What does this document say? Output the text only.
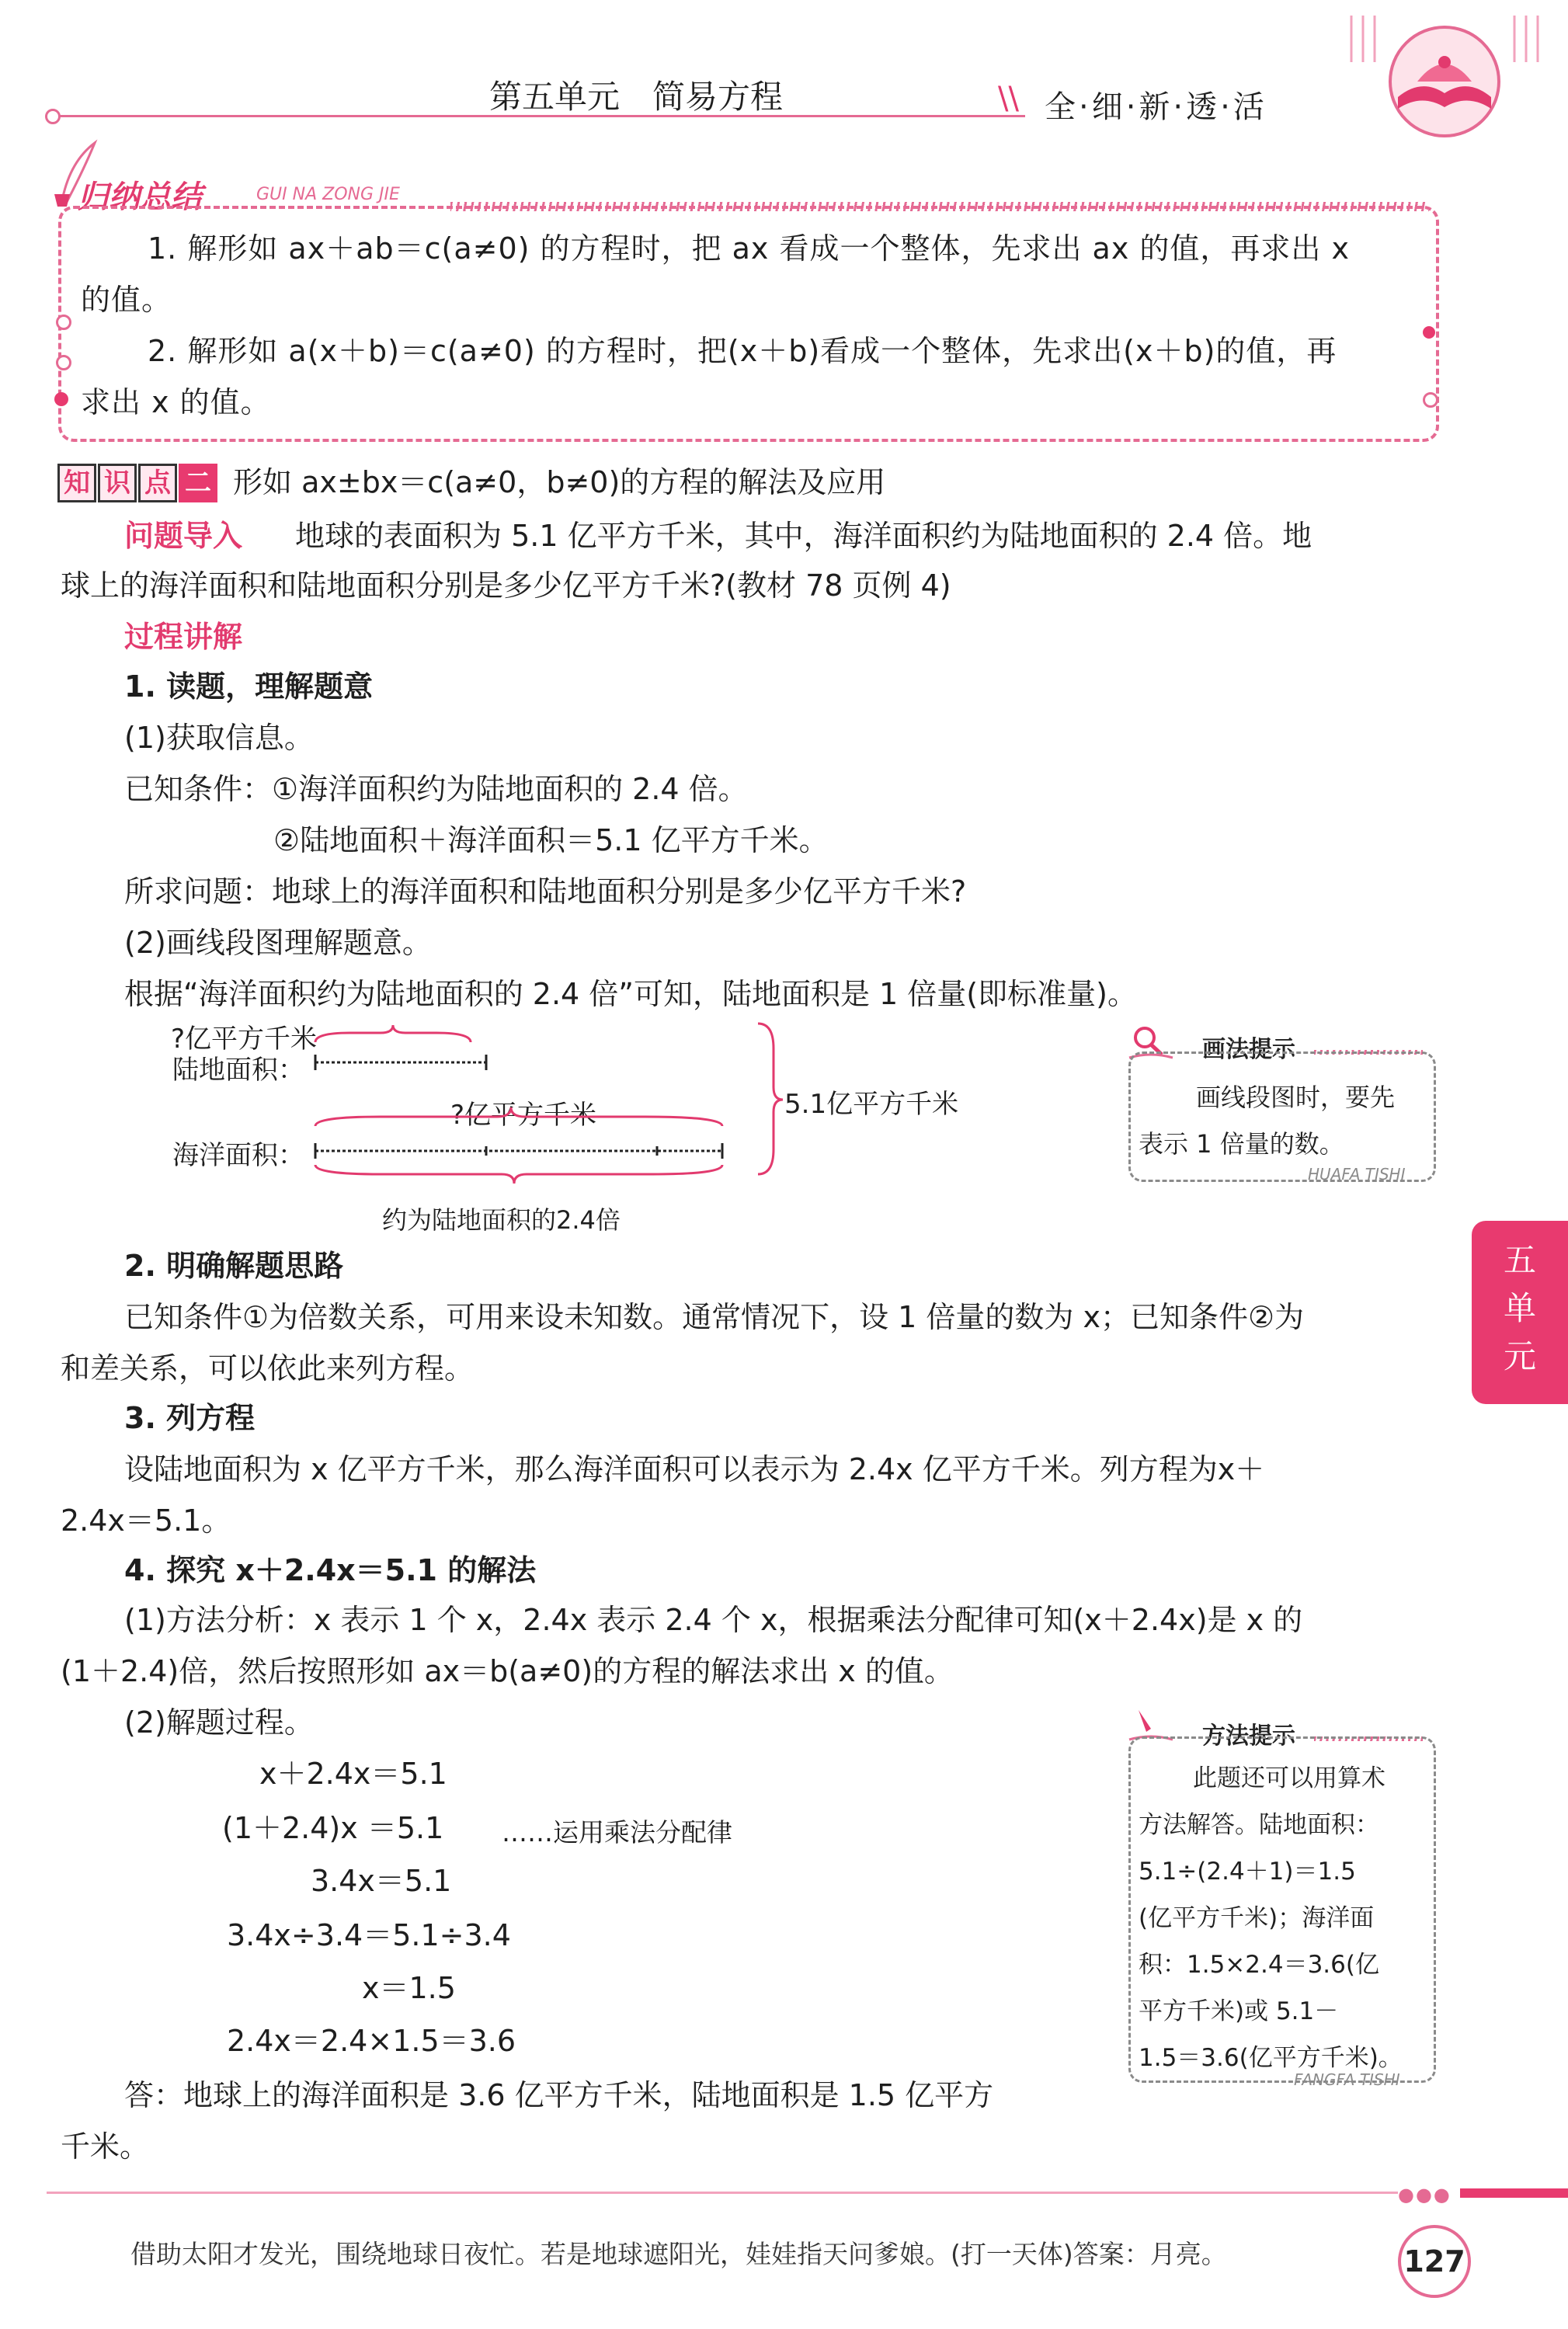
第五单元　简易方程	\\ 全·细·新·透·活
归纳总结	GUI NA ZONG JIE
1. 解形如 ax＋ab＝c(a≠0) 的方程时，把 ax 看成一个整体，先求出 ax 的值，再求出 x
的值。
2. 解形如 a(x＋b)＝c(a≠0) 的方程时，把(x＋b)看成一个整体，先求出(x＋b)的值，再
求出 x 的值。
知 识 点 二 形如 ax±bx＝c(a≠0，b≠0)的方程的解法及应用
问题导入 地球的表面积为 5.1 亿平方千米，其中，海洋面积约为陆地面积的 2.4 倍。地
球上的海洋面积和陆地面积分别是多少亿平方千米?(教材 78 页例 4)
过程讲解
1. 读题，理解题意
(1)获取信息。
已知条件：①海洋面积约为陆地面积的 2.4 倍。
②陆地面积＋海洋面积＝5.1 亿平方千米。
所求问题：地球上的海洋面积和陆地面积分别是多少亿平方千米?
(2)画线段图理解题意。
根据“海洋面积约为陆地面积的 2.4 倍”可知，陆地面积是 1 倍量(即标准量)。
?亿平方千米
陆地面积：
?亿平方千米
海洋面积：
5.1亿平方千米
约为陆地面积的2.4倍
画法提示
画线段图时，要先
表示 1 倍量的数。
HUAFA TISHI
2. 明确解题思路
已知条件①为倍数关系，可用来设未知数。通常情况下，设 1 倍量的数为 x；已知条件②为
和差关系，可以依此来列方程。
3. 列方程
设陆地面积为 x 亿平方千米，那么海洋面积可以表示为 2.4x 亿平方千米。列方程为x＋
2.4x＝5.1。
4. 探究 x＋2.4x＝5.1 的解法
(1)方法分析：x 表示 1 个 x，2.4x 表示 2.4 个 x，根据乘法分配律可知(x＋2.4x)是 x 的
(1＋2.4)倍，然后按照形如 ax＝b(a≠0)的方程的解法求出 x 的值。
(2)解题过程。
x＋2.4x＝5.1
(1＋2.4)x ＝5.1 ……运用乘法分配律
3.4x＝5.1
3.4x÷3.4＝5.1÷3.4
x＝1.5
2.4x＝2.4×1.5＝3.6
答：地球上的海洋面积是 3.6 亿平方千米，陆地面积是 1.5 亿平方
千米。
方法提示
此题还可以用算术
方法解答。陆地面积：
5.1÷(2.4＋1)＝1.5
(亿平方千米)；海洋面
积：1.5×2.4＝3.6(亿
平方千米)或 5.1－
1.5＝3.6(亿平方千米)。
FANGFA TISHI
五
单
元
●●●
借助太阳才发光，围绕地球日夜忙。若是地球遮阳光，娃娃指天问爹娘。(打一天体)答案：月亮。	127
